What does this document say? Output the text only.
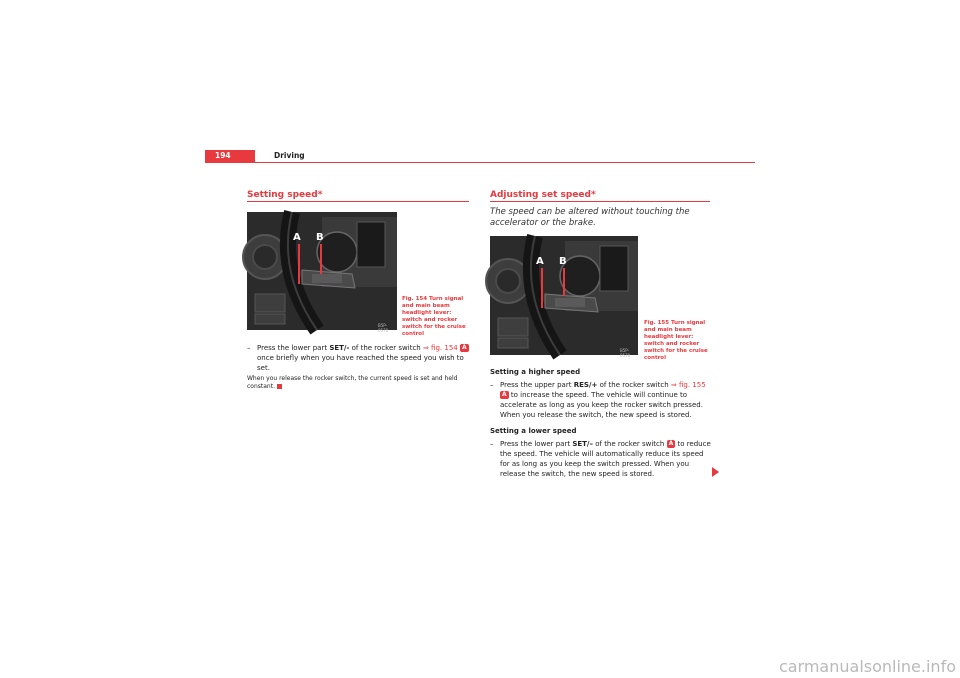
194	Driving
Setting speed*
A B
B5P-0570
Fig. 154 Turn signal and main beam headlight lever: switch and rocker switch for the cruise control
– Press the lower part SET/- of the rocker switch ⇒ fig. 154 A once briefly when you have reached the speed you wish to set.
When you release the rocker switch, the current speed is set and held constant.
Adjusting set speed*
The speed can be altered without touching the accelerator or the brake.
A B
B5P-0570
Fig. 155 Turn signal and main beam headlight lever: switch and rocker switch for the cruise control
Setting a higher speed
– Press the upper part RES/+ of the rocker switch ⇒ fig. 155 A to increase the speed. The vehicle will continue to accelerate as long as you keep the rocker switch pressed. When you release the switch, the new speed is stored.
Setting a lower speed
– Press the lower part SET/– of the rocker switch A to reduce the speed. The vehicle will automatically reduce its speed for as long as you keep the switch pressed. When you release the switch, the new speed is stored.
carmanualsonline.info
